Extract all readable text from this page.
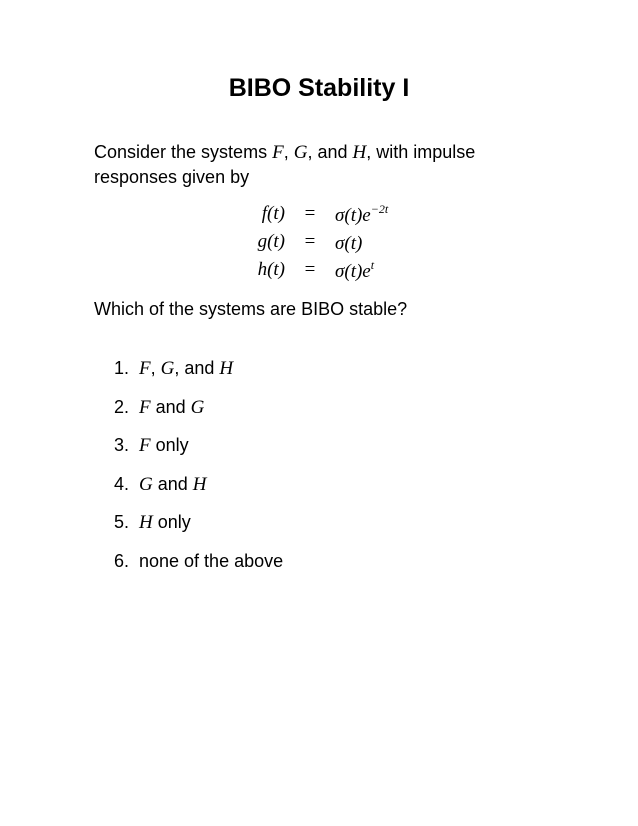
BIBO Stability I
Consider the systems F, G, and H, with impulse responses given by
f(t)	=	$\sigma(t)e^{-2t}$
g(t)	=	σ(t)
h(t)	=	$\sigma(t)e^t$
Which of the systems are BIBO stable?
1. F, G, and H
2. F and G
3. F only
4. G and H
5. H only
6. none of the above
